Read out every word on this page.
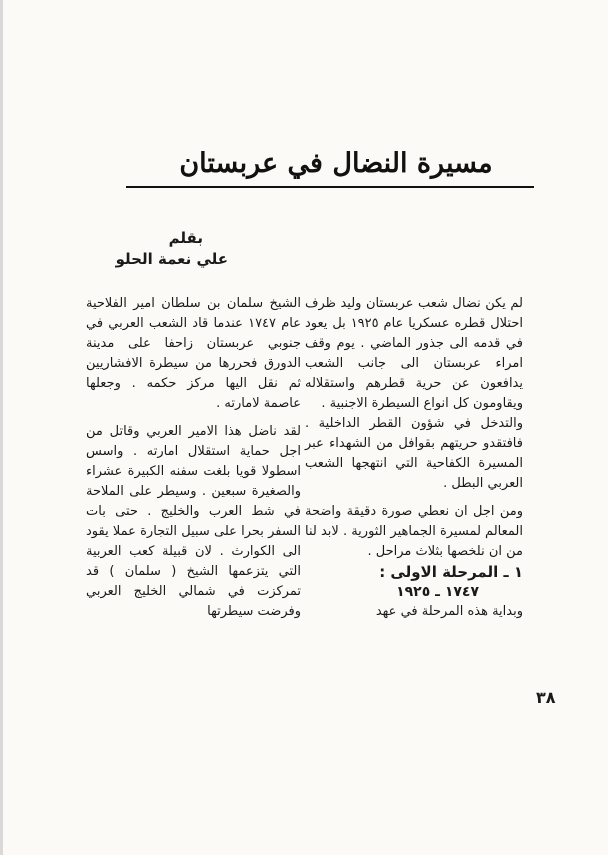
مسيرة النضال في عربستان
بقلم
علي نعمة الحلو

لم يكن نضال شعب عربستان وليد ظرف احتلال قطره عسكريا عام ١٩٢٥ بل يعود في قدمه الى جذور الماضي . يوم وقف امراء عربستان الى جانب الشعب يدافعون عن حرية قطرهم واستقلاله ويقاومون كل انواع السيطرة الاجنبية .

والتدخل في شؤون القطر الداخلية . فافتقدو حريتهم بقوافل من الشهداء عبر المسيرة الكفاحية التي انتهجها الشعب العربي البطل .

ومن اجل ان نعطي صورة دقيقة واضحة المعالم لمسيرة الجماهير الثورية . لابد لنا من ان نلخصها بثلاث مراحل .

١ ـ المرحلة الاولى :

١٧٤٧ ـ ١٩٢٥

وبداية هذه المرحلة في عهد

الشيخ سلمان بن سلطان امير الفلاحية عام ١٧٤٧ عندما قاد الشعب العربي في جنوبي عربستان زاحفا على مدينة الدورق فحررها من سيطرة الافشاريين ثم نقل اليها مركز حكمه . وجعلها عاصمة لامارته .

لقد ناضل هذا الامير العربي وقاتل من اجل حماية استقلال امارته . واسس اسطولا قويا بلغت سفنه الكبيرة عشراء والصغيرة سبعين . وسيطر على الملاحة في شط العرب والخليج . حتى بات السفر بحرا على سبيل التجارة عملا يقود الى الكوارث . لان قبيلة كعب العربية التي يتزعمها الشيخ ( سلمان ) قد تمركزت في شمالي الخليج العربي وفرضت سيطرتها

٣٨
